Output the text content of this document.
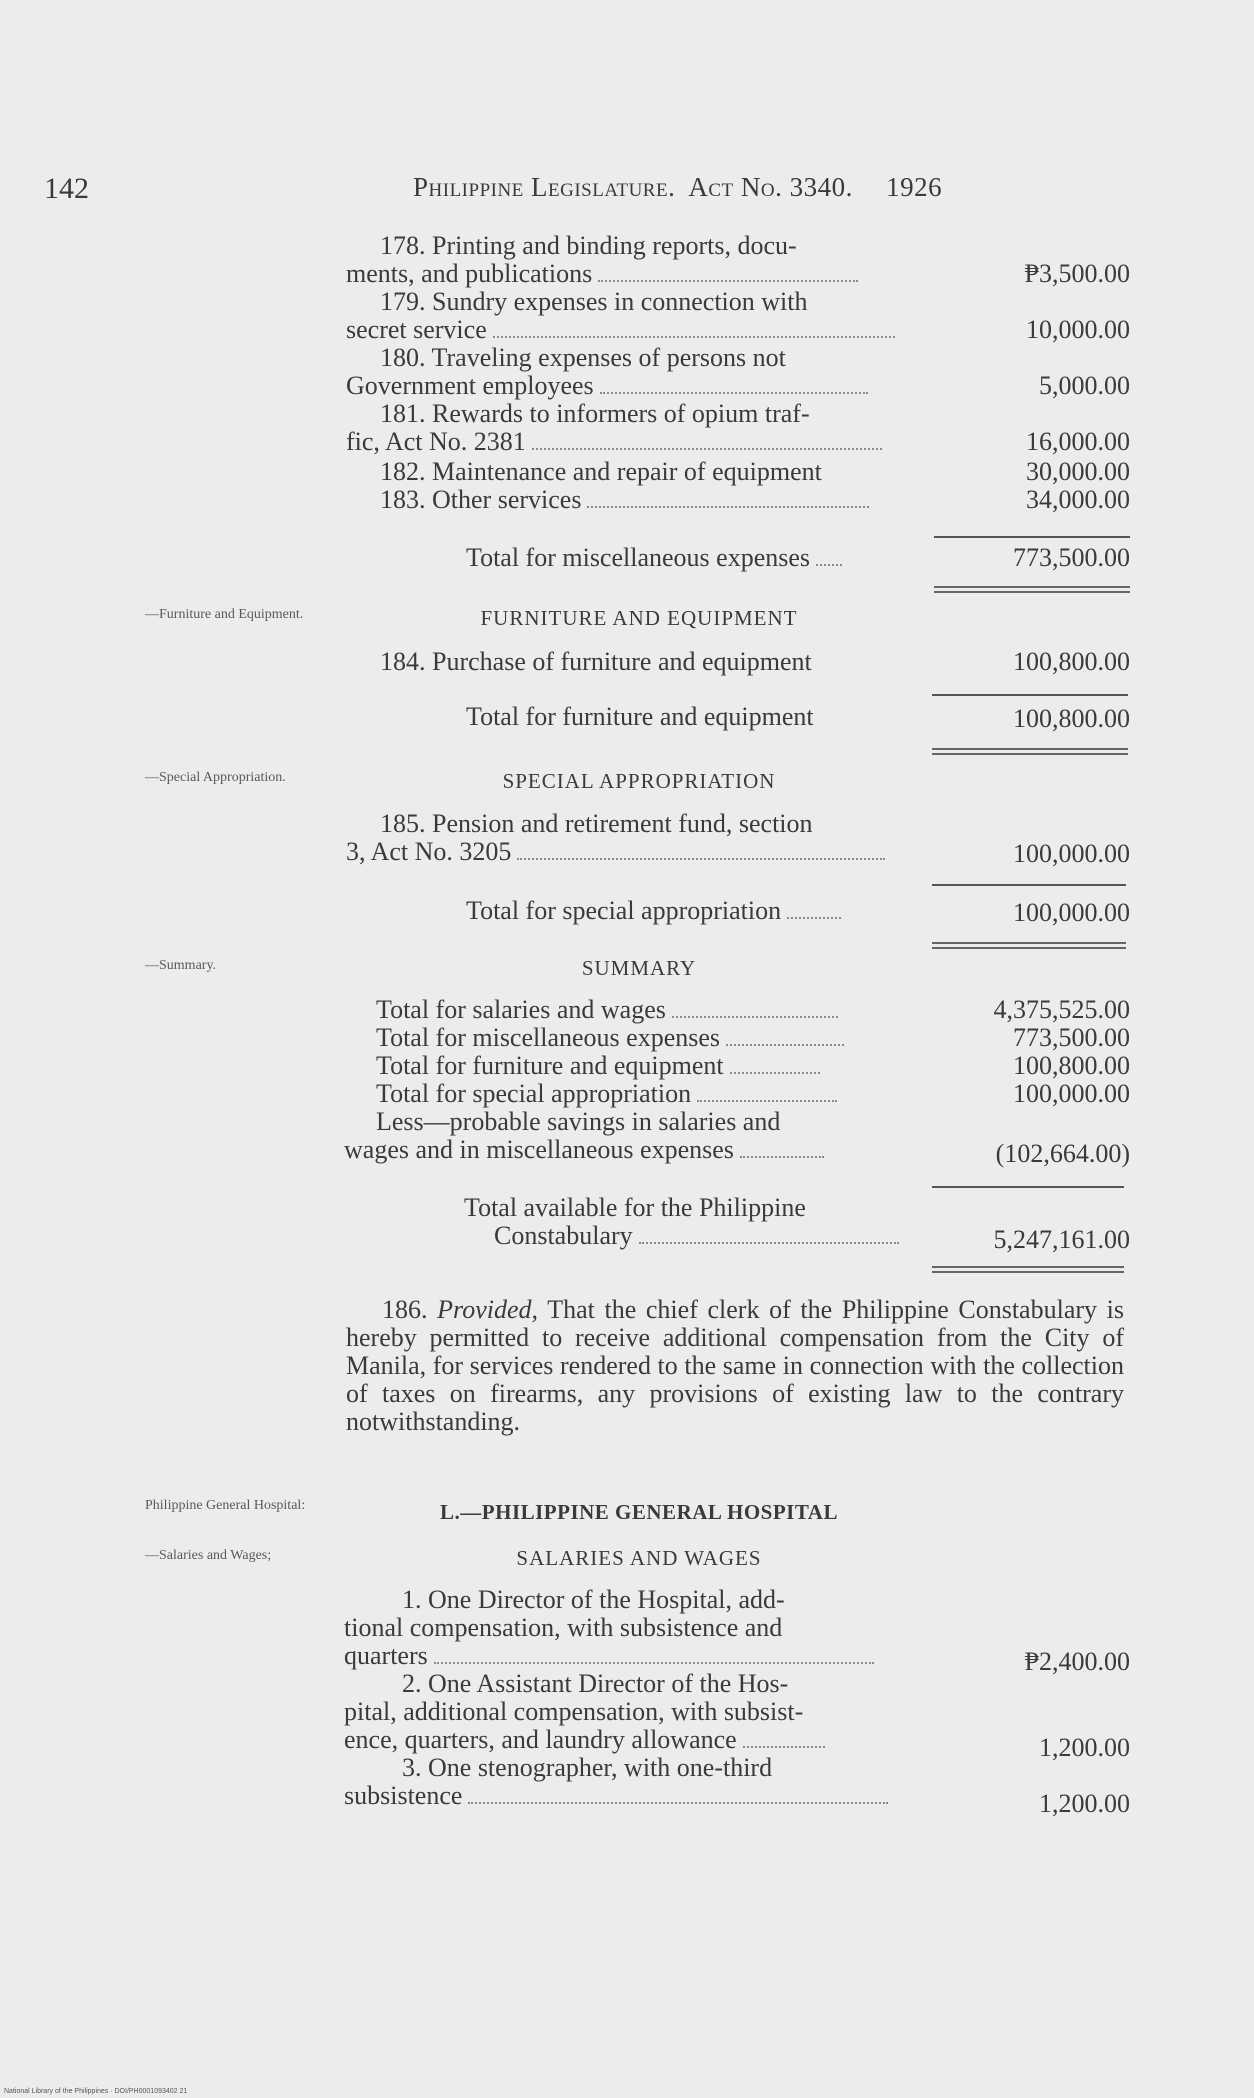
142	Philippine Legislature. Act No. 3340. 1926
178. Printing and binding reports, docu-
ments, and publications	₱3,500.00
179. Sundry expenses in connection with
secret service	10,000.00
180. Traveling expenses of persons not
Government employees	5,000.00
181. Rewards to informers of opium traf-
fic, Act No. 2381	16,000.00
182. Maintenance and repair of equipment	30,000.00
183. Other services	34,000.00
Total for miscellaneous expenses	773,500.00
—Furniture and Equipment.	FURNITURE AND EQUIPMENT
184. Purchase of furniture and equipment	100,800.00
Total for furniture and equipment	100,800.00
—Special Appropriation.	SPECIAL APPROPRIATION
185. Pension and retirement fund, section
3, Act No. 3205	100,000.00
Total for special appropriation	100,000.00
—Summary.	SUMMARY
Total for salaries and wages	4,375,525.00
Total for miscellaneous expenses	773,500.00
Total for furniture and equipment	100,800.00
Total for special appropriation	100,000.00
Less—probable savings in salaries and
wages and in miscellaneous expenses	(102,664.00)
Total available for the Philippine
Constabulary	5,247,161.00
186. Provided, That the chief clerk of the Philippine Constabulary is hereby permitted to receive additional compensation from the City of Manila, for services rendered to the same in connection with the collection of taxes on firearms, any provisions of existing law to the contrary notwithstanding.
Philippine General Hospital:
—Salaries and Wages;
L.—PHILIPPINE GENERAL HOSPITAL
SALARIES AND WAGES
1. One Director of the Hospital, add-
tional compensation, with subsistence and
quarters	₱2,400.00
2. One Assistant Director of the Hos-
pital, additional compensation, with subsist-
ence, quarters, and laundry allowance	1,200.00
3. One stenographer, with one-third
subsistence	1,200.00
National Library of the Philippines · DOI/PH0001093402 21
